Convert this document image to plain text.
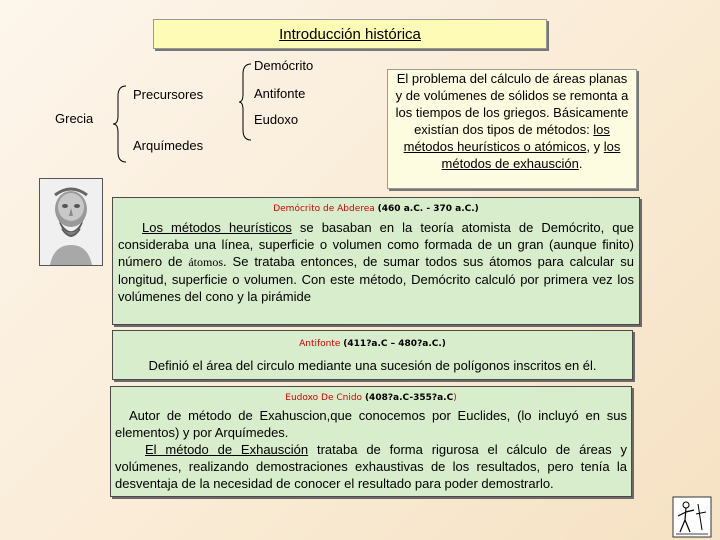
Introducción histórica
Grecia
Precursores
Arquímedes
Demócrito
Antifonte
Eudoxo
El problema del cálculo de áreas planas y de volúmenes de sólidos se remonta a los tiempos de los griegos. Básicamente existían dos tipos de métodos: los métodos heurísticos o atómicos, y los métodos de exhausción.
Demócrito de Abderea (460 a.C. - 370 a.C.)
Los métodos heurísticos se basaban en la teoría atomista de Demócrito, que consideraba una línea, superficie o volumen como formada de un gran (aunque finito) número de átomos. Se trataba entonces, de sumar todos sus átomos para calcular su longitud, superficie o volumen. Con este método, Demócrito calculó por primera vez los volúmenes del cono y la pirámide
Antifonte (411?a.C – 480?a.C.)
Definió el área del circulo mediante una sucesión de polígonos inscritos en él.
Eudoxo De Cnido (408?a.C-355?a.C)
Autor de método de Exahuscion,que conocemos por Euclides, (lo incluyó en sus elementos) y por Arquímedes.
El método de Exhausción trataba de forma rigurosa el cálculo de áreas y volúmenes, realizando demostraciones exhaustivas de los resultados, pero tenía la desventaja de la necesidad de conocer el resultado para poder demostrarlo.
